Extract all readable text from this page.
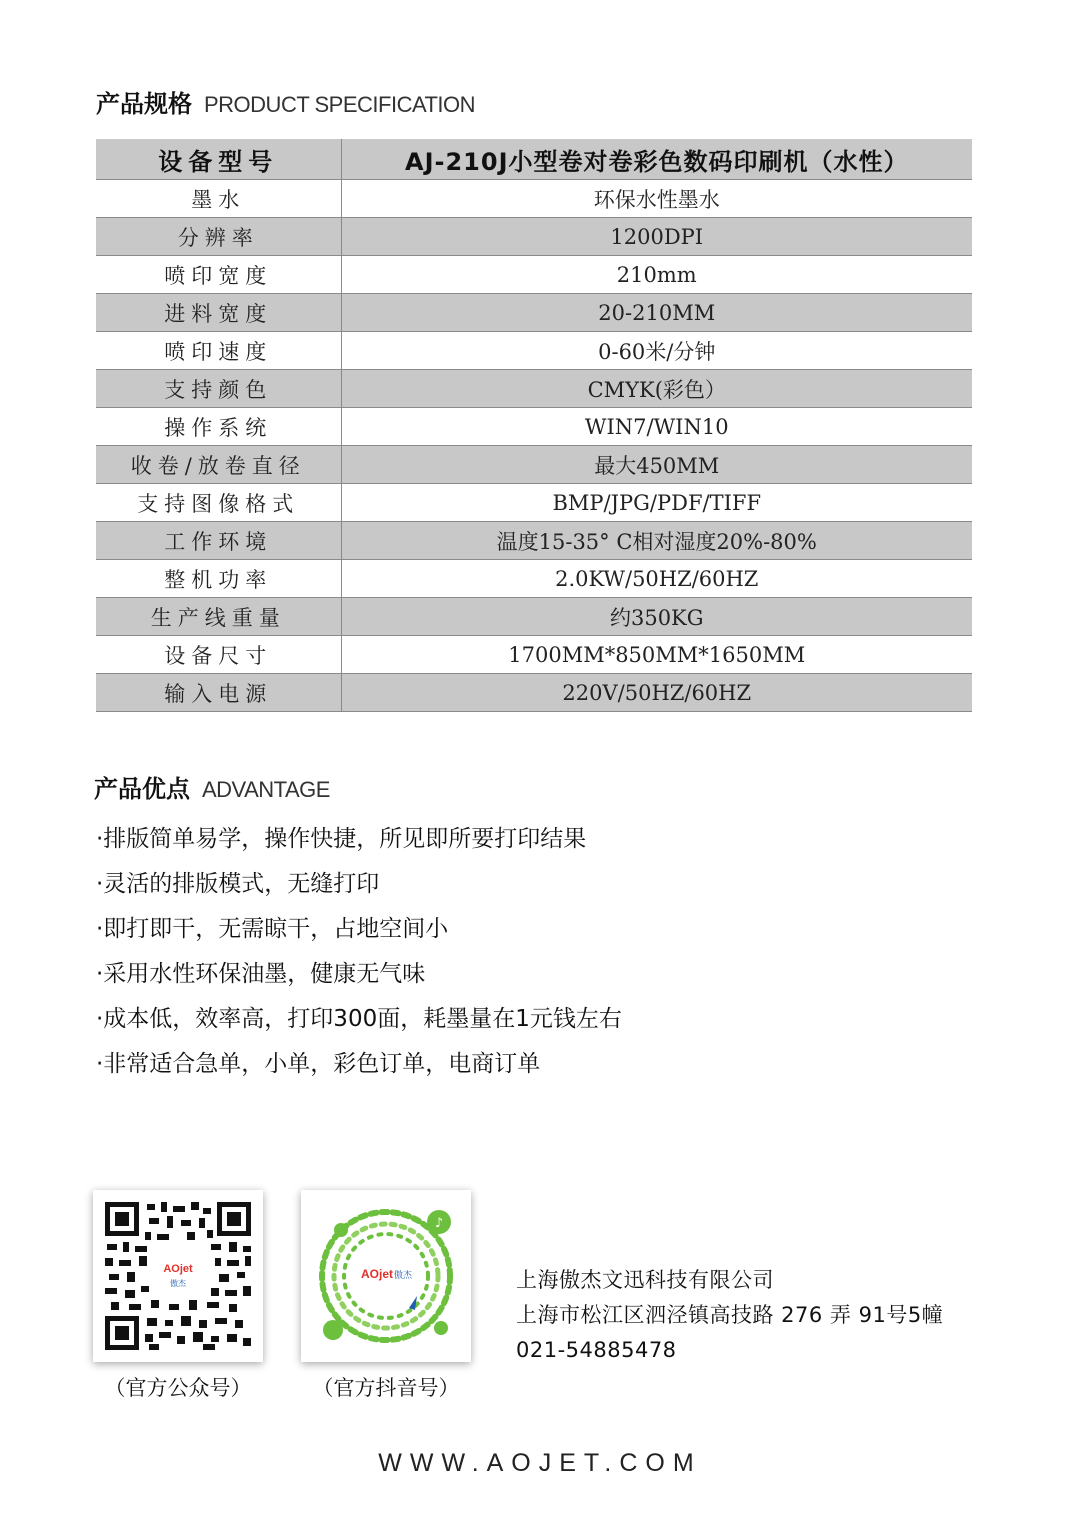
产品规格 PRODUCT SPECIFICATION
设备型号	AJ-210J小型卷对卷彩色数码印刷机（水性）
墨水	环保水性墨水
分辨率	1200DPI
喷印宽度	210mm
进料宽度	20-210MM
喷印速度	0-60米/分钟
支持颜色	CMYK(彩色）
操作系统	WIN7/WIN10
收卷/放卷直径	最大450MM
支持图像格式	BMP/JPG/PDF/TIFF
工作环境	温度15-35° C相对湿度20%-80%
整机功率	2.0KW/50HZ/60HZ
生产线重量	约350KG
设备尺寸	1700MM*850MM*1650MM
输入电源	220V/50HZ/60HZ
产品优点 ADVANTAGE
·排版简单易学，操作快捷，所见即所要打印结果
·灵活的排版模式，无缝打印
·即打即干，无需晾干，占地空间小
·采用水性环保油墨，健康无气味
·成本低，效率高，打印300面，耗墨量在1元钱左右
·非常适合急单，小单，彩色订单，电商订单
AOjet
傲杰
（官方公众号）
♪
AOjet 傲杰
（官方抖音号）
上海傲杰文迅科技有限公司
上海市松江区泗泾镇高技路 276 弄 91号5幢
021-54885478
WWW.AOJET.COM
